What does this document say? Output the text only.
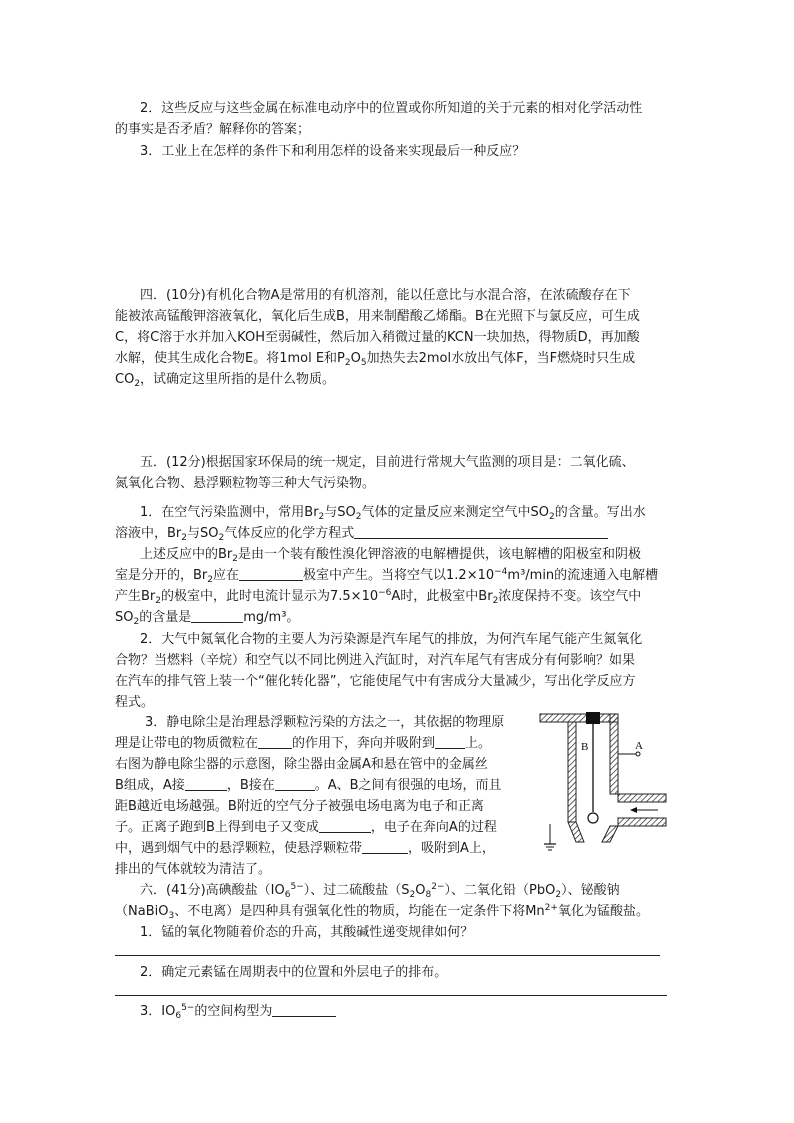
2．这些反应与这些金属在标准电动序中的位置或你所知道的关于元素的相对化学活动性

的事实是否矛盾？解释你的答案；

3．工业上在怎样的条件下和利用怎样的设备来实现最后一种反应？

四．(10分)有机化合物A是常用的有机溶剂，能以任意比与水混合溶，在浓硫酸存在下

能被浓高锰酸钾溶液氧化，氧化后生成B，用来制醋酸乙烯酯。B在光照下与氯反应，可生成

C，将C溶于水并加入KOH至弱碱性，然后加入稍微过量的KCN一块加热，得物质D，再加酸

水解，使其生成化合物E。将1mol E和$P_2O_5$加热失去2mol水放出气体F，当F燃烧时只生成

$CO_2$，试确定这里所指的是什么物质。

五．(12分)根据国家环保局的统一规定，目前进行常规大气监测的项目是：二氧化硫、

氮氧化合物、悬浮颗粒物等三种大气污染物。

1．在空气污染监测中，常用$Br_2$与$SO_2$气体的定量反应来测定空气中$SO_2$的含量。写出水

溶液中，$Br_2$与$SO_2$气体反应的化学方程式

上述反应中的$Br_2$是由一个装有酸性溴化钾溶液的电解槽提供，该电解槽的阳极室和阴极

室是分开的，$Br_2$应在	极室中产生。当将空气以$1.2\times 10^{-4}m^3/\min$的流速通入电解槽

产生$Br_2$的极室中，此时电流计显示为$7.5\times 10^{-6}A$时，此极室中$Br_2$浓度保持不变。该空气中

$SO_2$的含量是	mg/m³。

2．大气中氮氧化合物的主要人为污染源是汽车尾气的排放，为何汽车尾气能产生氮氧化

合物？当燃料（辛烷）和空气以不同比例进入汽缸时，对汽车尾气有害成分有何影响？如果

在汽车的排气管上装一个“催化转化器”，它能使尾气中有害成分大量减少，写出化学反应方

程式。

3．静电除尘是治理悬浮颗粒污染的方法之一，其依据的物理原

理是让带电的物质微粒在	的作用下，奔向并吸附到 上。

右图为静电除尘器的示意图，除尘器由金属A和悬在管中的金属丝

B组成，A接	，B接在	。A、B之间有很强的电场，而且

距B越近电场越强。B附近的空气分子被强电场电离为电子和正离

子。正离子跑到B上得到电子又变成	，电子在奔向A的过程

中，遇到烟气中的悬浮颗粒，使悬浮颗粒带	，吸附到A上，

排出的气体就较为清洁了。

B	A

六．(41分)高碘酸盐$(IO_6^{5-})$、过二硫酸盐$(S_2O_8^{2-})$、二氧化铅（PbO$_2$）、铋酸钠

（NaBiO$_3$、不电离）是四种具有强氧化性的物质，均能在一定条件下将$Mn^{2+}$氧化为锰酸盐。

1．锰的氧化物随着价态的升高，其酸碱性递变规律如何？

2．确定元素锰在周期表中的位置和外层电子的排布。

3．$IO_6^{5-}$的空间构型为
